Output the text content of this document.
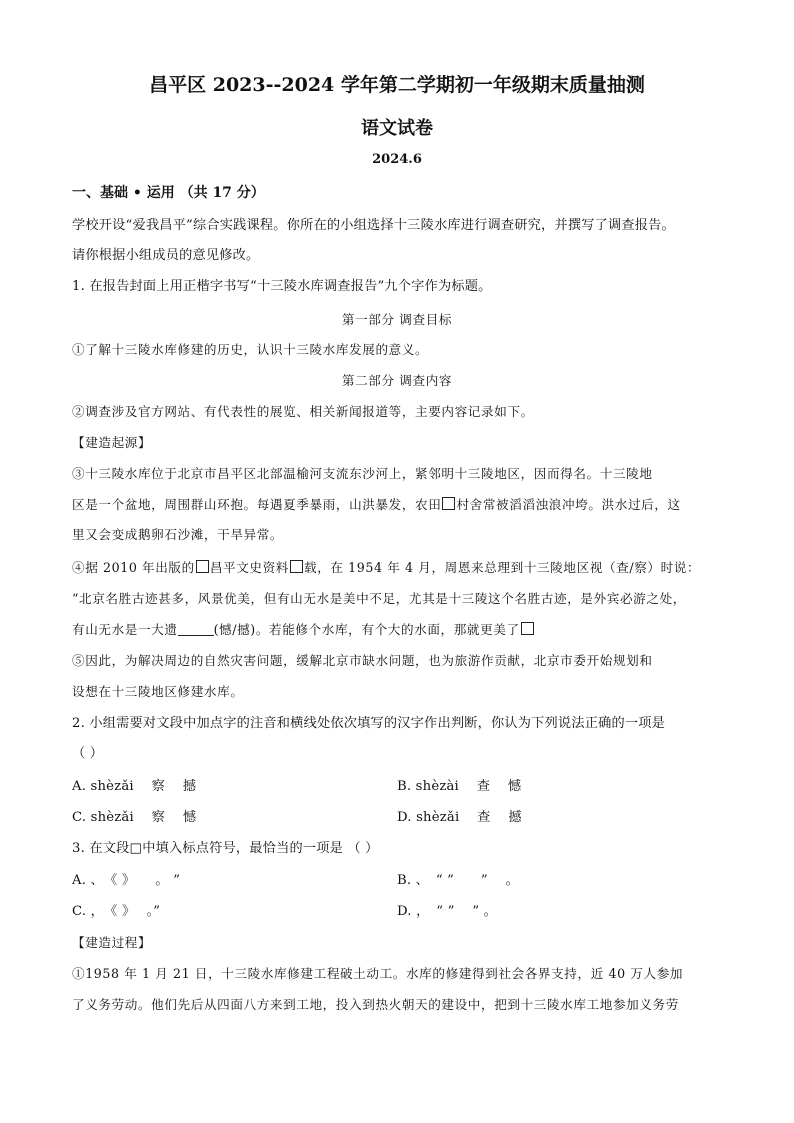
昌平区 2023--2024 学年第二学期初一年级期末质量抽测
语文试卷
2024.6
一、基础 • 运用 （共 17 分）
学校开设“爱我昌平”综合实践课程。你所在的小组选择十三陵水库进行调查研究，并撰写了调查报告。
请你根据小组成员的意见修改。
1. 在报告封面上用正楷字书写“十三陵水库调查报告”九个字作为标题。
第一部分 调查目标
①了解十三陵水库修建的历史，认识十三陵水库发展的意义。
第二部分 调查内容
②调查涉及官方网站、有代表性的展览、相关新闻报道等，主要内容记录如下。
【建造起源】
③十三陵水库位于北京市昌平区北部温榆河支流东沙河上，紧邻明十三陵地区，因而得名。十三陵地
区是一个盆地，周围群山环抱。每遇夏季暴雨，山洪暴发，农田 村舍常被滔滔浊浪冲垮。洪水过后，这
里又会变成鹅卵石沙滩，干旱异常。
④据 2010 年出版的 昌平文史资料 载，在 1954 年 4 月，周恩来总理到十三陵地区视（查/察）时说：
“北京名胜古迹甚多，风景优美，但有山无水是美中不足，尤其是十三陵这个名胜古迹，是外宾必游之处，
有山无水是一大遗	(憾/撼)。若能修个水库，有个大的水面，那就更美了
⑤因此，为解决周边的自然灾害问题，缓解北京市缺水问题，也为旅游作贡献，北京市委开始规划和
设想在十三陵地区修建水库。
2. 小组需要对文段中加点字的注音和横线处依次填写的汉字作出判断，你认为下列说法正确的一项是
（ ）
A. shèzǎi　 察　 撼	B. shèzài　 查　 憾
C. shèzǎi　 察　 憾	D. shèzǎi　 查　 撼
3. 在文段□中填入标点符号，最恰当的一项是 （ ）
A. 、　《 》　　。 ”	B. 、　“ ”　　” 　。
C. ，　《 》　 。”	D. ，　“ ”　 ” 。
【建造过程】
①1958 年 1 月 21 日，十三陵水库修建工程破土动工。水库的修建得到社会各界支持，近 40 万人参加
了义务劳动。他们先后从四面八方来到工地，投入到热火朝天的建设中，把到十三陵水库工地参加义务劳
